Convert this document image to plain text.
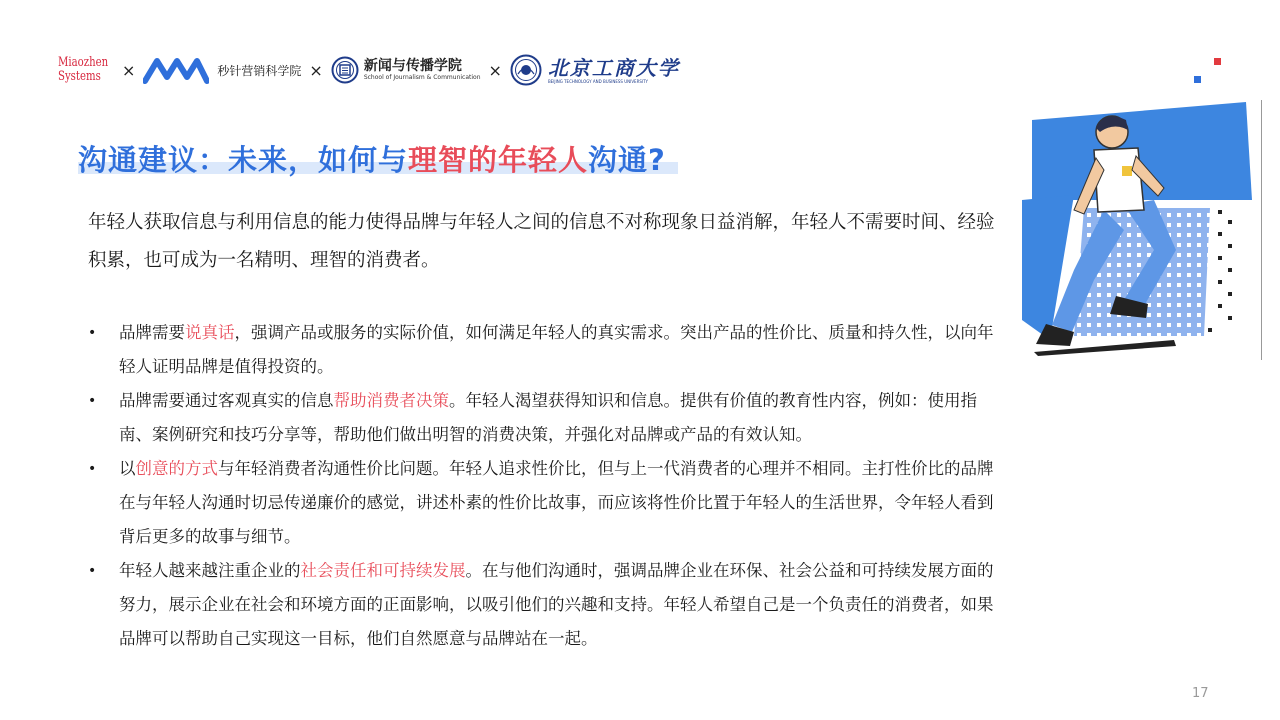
Miaozhen
Systems	×	秒针营销科学院 ×	新闻与传播学院
School of Journalism & Communication × 北京工商大学
BEIJING TECHNOLOGY AND BUSINESS UNIVERSITY
沟通建议：未来，如何与理智的年轻人沟通?
年轻人获取信息与利用信息的能力使得品牌与年轻人之间的信息不对称现象日益消解，年轻人不需要时间、经验积累，也可成为一名精明、理智的消费者。
• 品牌需要说真话，强调产品或服务的实际价值，如何满足年轻人的真实需求。突出产品的性价比、质量和持久性，以向年轻人证明品牌是值得投资的。
• 品牌需要通过客观真实的信息帮助消费者决策。年轻人渴望获得知识和信息。提供有价值的教育性内容，例如：使用指南、案例研究和技巧分享等，帮助他们做出明智的消费决策，并强化对品牌或产品的有效认知。
• 以创意的方式与年轻消费者沟通性价比问题。年轻人追求性价比，但与上一代消费者的心理并不相同。主打性价比的品牌在与年轻人沟通时切忌传递廉价的感觉，讲述朴素的性价比故事，而应该将性价比置于年轻人的生活世界，令年轻人看到背后更多的故事与细节。
• 年轻人越来越注重企业的社会责任和可持续发展。在与他们沟通时，强调品牌企业在环保、社会公益和可持续发展方面的努力，展示企业在社会和环境方面的正面影响，以吸引他们的兴趣和支持。年轻人希望自己是一个负责任的消费者，如果品牌可以帮助自己实现这一目标，他们自然愿意与品牌站在一起。
17
